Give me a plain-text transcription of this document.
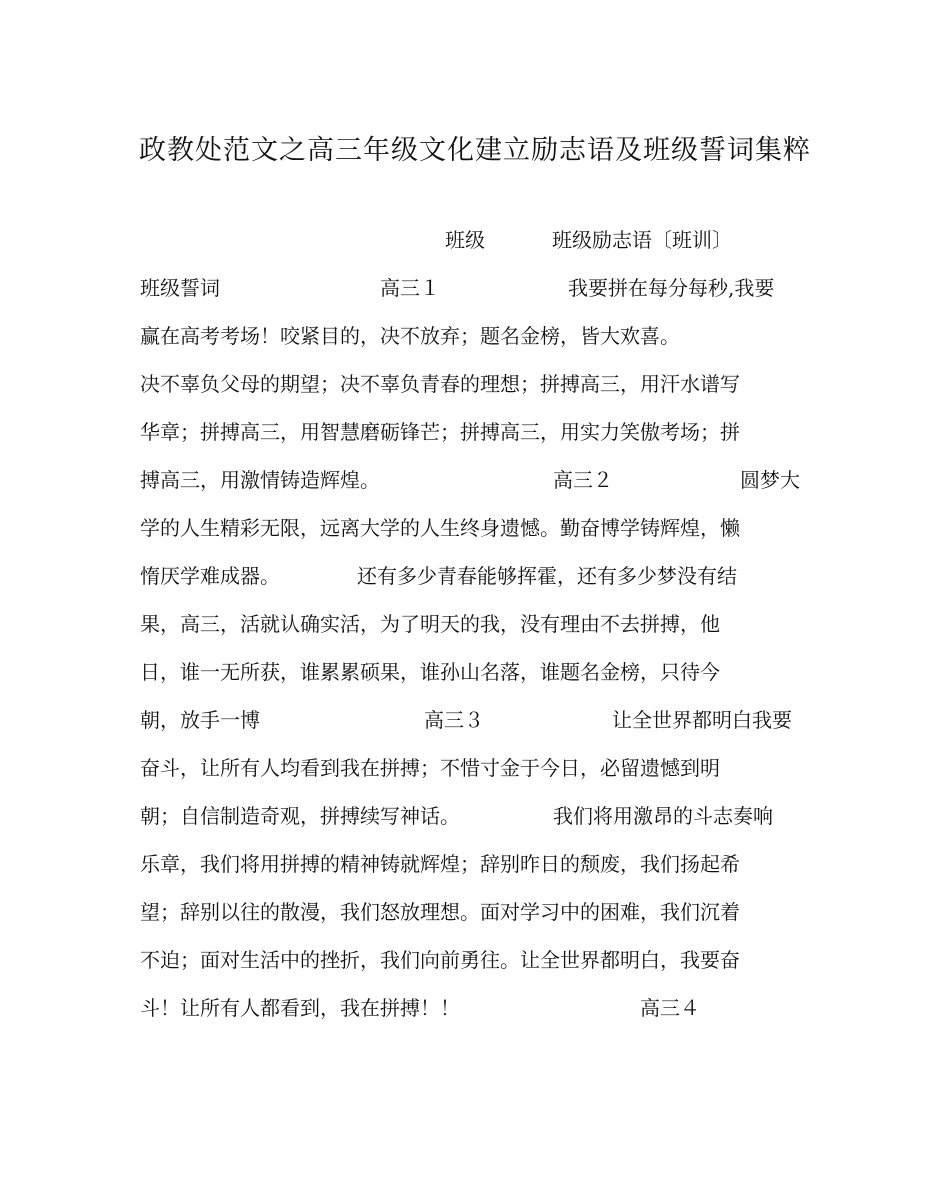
政教处范文之高三年级文化建立励志语及班级誓词集粹
班级	班级励志语〔班训〕
班级誓词	高三１	我要拼在每分每秒,我要
赢在高考考场！咬紧目的，决不放弃；题名金榜，皆大欢喜。
决不辜负父母的期望；决不辜负青春的理想；拼搏高三，用汗水谱写
华章；拼搏高三，用智慧磨砺锋芒；拼搏高三，用实力笑傲考场；拼
搏高三，用激情铸造辉煌。	高三２	圆梦大
学的人生精彩无限，远离大学的人生终身遗憾。勤奋博学铸辉煌，懒
惰厌学难成器。	还有多少青春能够挥霍，还有多少梦没有结
果，高三，活就认确实活，为了明天的我，没有理由不去拼搏，他
日，谁一无所获，谁累累硕果，谁孙山名落，谁题名金榜，只待今
朝，放手一博	高三３	让全世界都明白我要
奋斗，让所有人均看到我在拼搏；不惜寸金于今日，必留遗憾到明
朝；自信制造奇观，拼搏续写神话。	我们将用激昂的斗志奏响
乐章，我们将用拼搏的精神铸就辉煌；辞别昨日的颓废，我们扬起希
望；辞别以往的散漫，我们怒放理想。面对学习中的困难，我们沉着
不迫；面对生活中的挫折，我们向前勇往。让全世界都明白，我要奋
斗！让所有人都看到，我在拼搏！！	高三４
